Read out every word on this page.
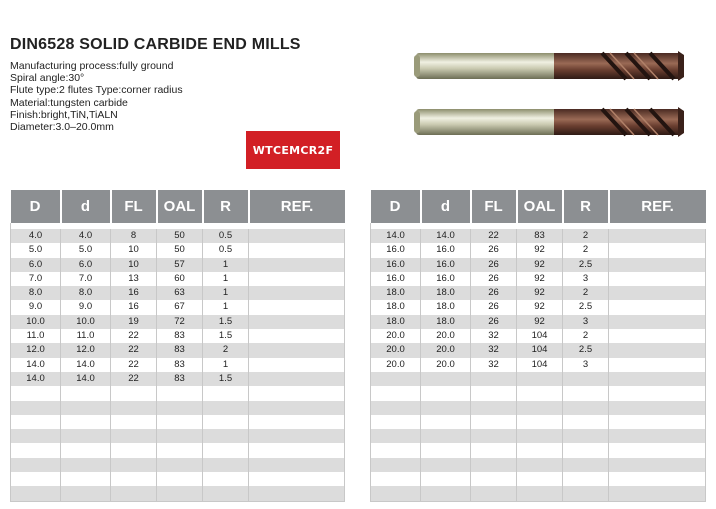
DIN6528 SOLID CARBIDE END MILLS
Manufacturing process:fully ground
Spiral angle:30°
Flute type:2 flutes Type:corner radius
Material:tungsten carbide
Finish:bright,TiN,TiALN
Diameter:3.0–20.0mm
WTCEMCR2F
D	d	FL	OAL	R	REF.

4.0	4.0	8	50	0.5	
5.0	5.0	10	50	0.5	
6.0	6.0	10	57	1	
7.0	7.0	13	60	1	
8.0	8.0	16	63	1	
9.0	9.0	16	67	1	
10.0	10.0	19	72	1.5	
11.0	11.0	22	83	1.5	
12.0	12.0	22	83	2	
14.0	14.0	22	83	1	
14.0	14.0	22	83	1.5	

D	d	FL	OAL	R	REF.

14.0	14.0	22	83	2	
16.0	16.0	26	92	2	
16.0	16.0	26	92	2.5	
16.0	16.0	26	92	3	
18.0	18.0	26	92	2	
18.0	18.0	26	92	2.5	
18.0	18.0	26	92	3	
20.0	20.0	32	104	2	
20.0	20.0	32	104	2.5	
20.0	20.0	32	104	3	
